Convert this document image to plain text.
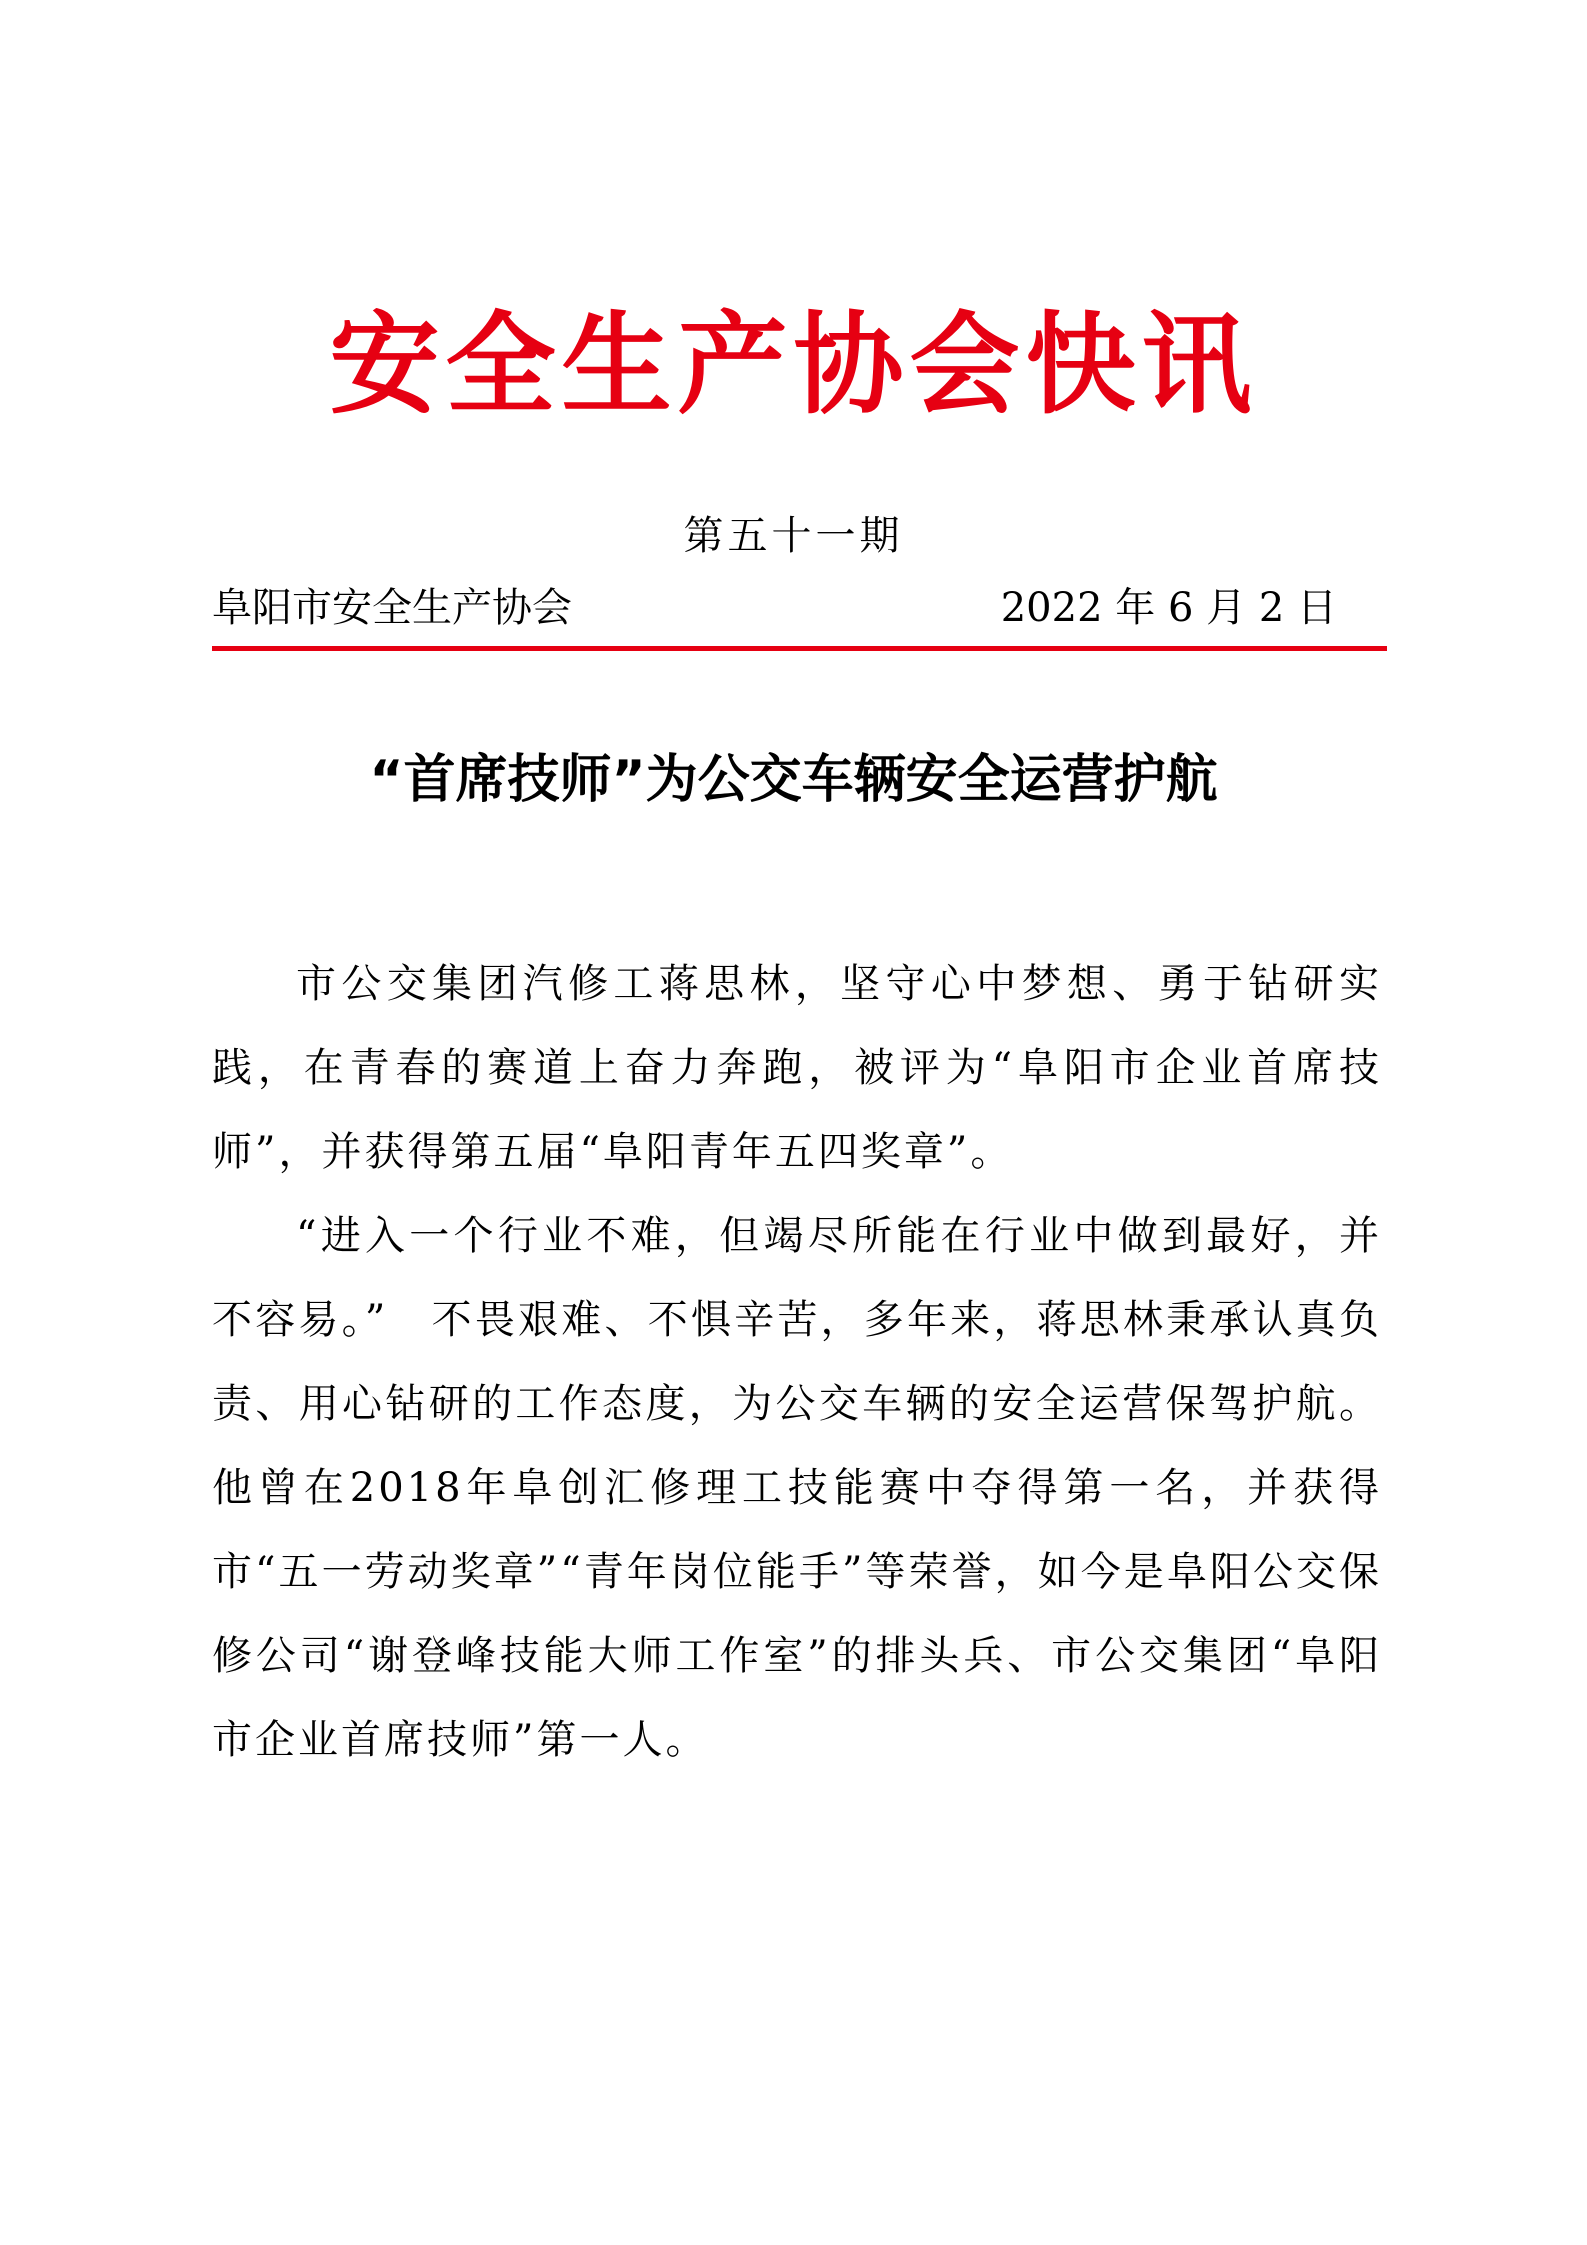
安全生产协会快讯
第五十一期
阜阳市安全生产协会	2022 年 6 月 2 日
“首席技师”为公交车辆安全运营护航

市公交集团汽修工蒋思林，坚守心中梦想、勇于钻研实践，在青春的赛道上奋力奔跑，被评为“阜阳市企业首席技师”，并获得第五届“阜阳青年五四奖章”。

“进入一个行业不难，但竭尽所能在行业中做到最好，并不容易。”　不畏艰难、不惧辛苦，多年来，蒋思林秉承认真负责、用心钻研的工作态度，为公交车辆的安全运营保驾护航。他曾在2018年阜创汇修理工技能赛中夺得第一名，并获得市“五一劳动奖章”“青年岗位能手”等荣誉，如今是阜阳公交保修公司“谢登峰技能大师工作室”的排头兵、市公交集团“阜阳市企业首席技师”第一人。
